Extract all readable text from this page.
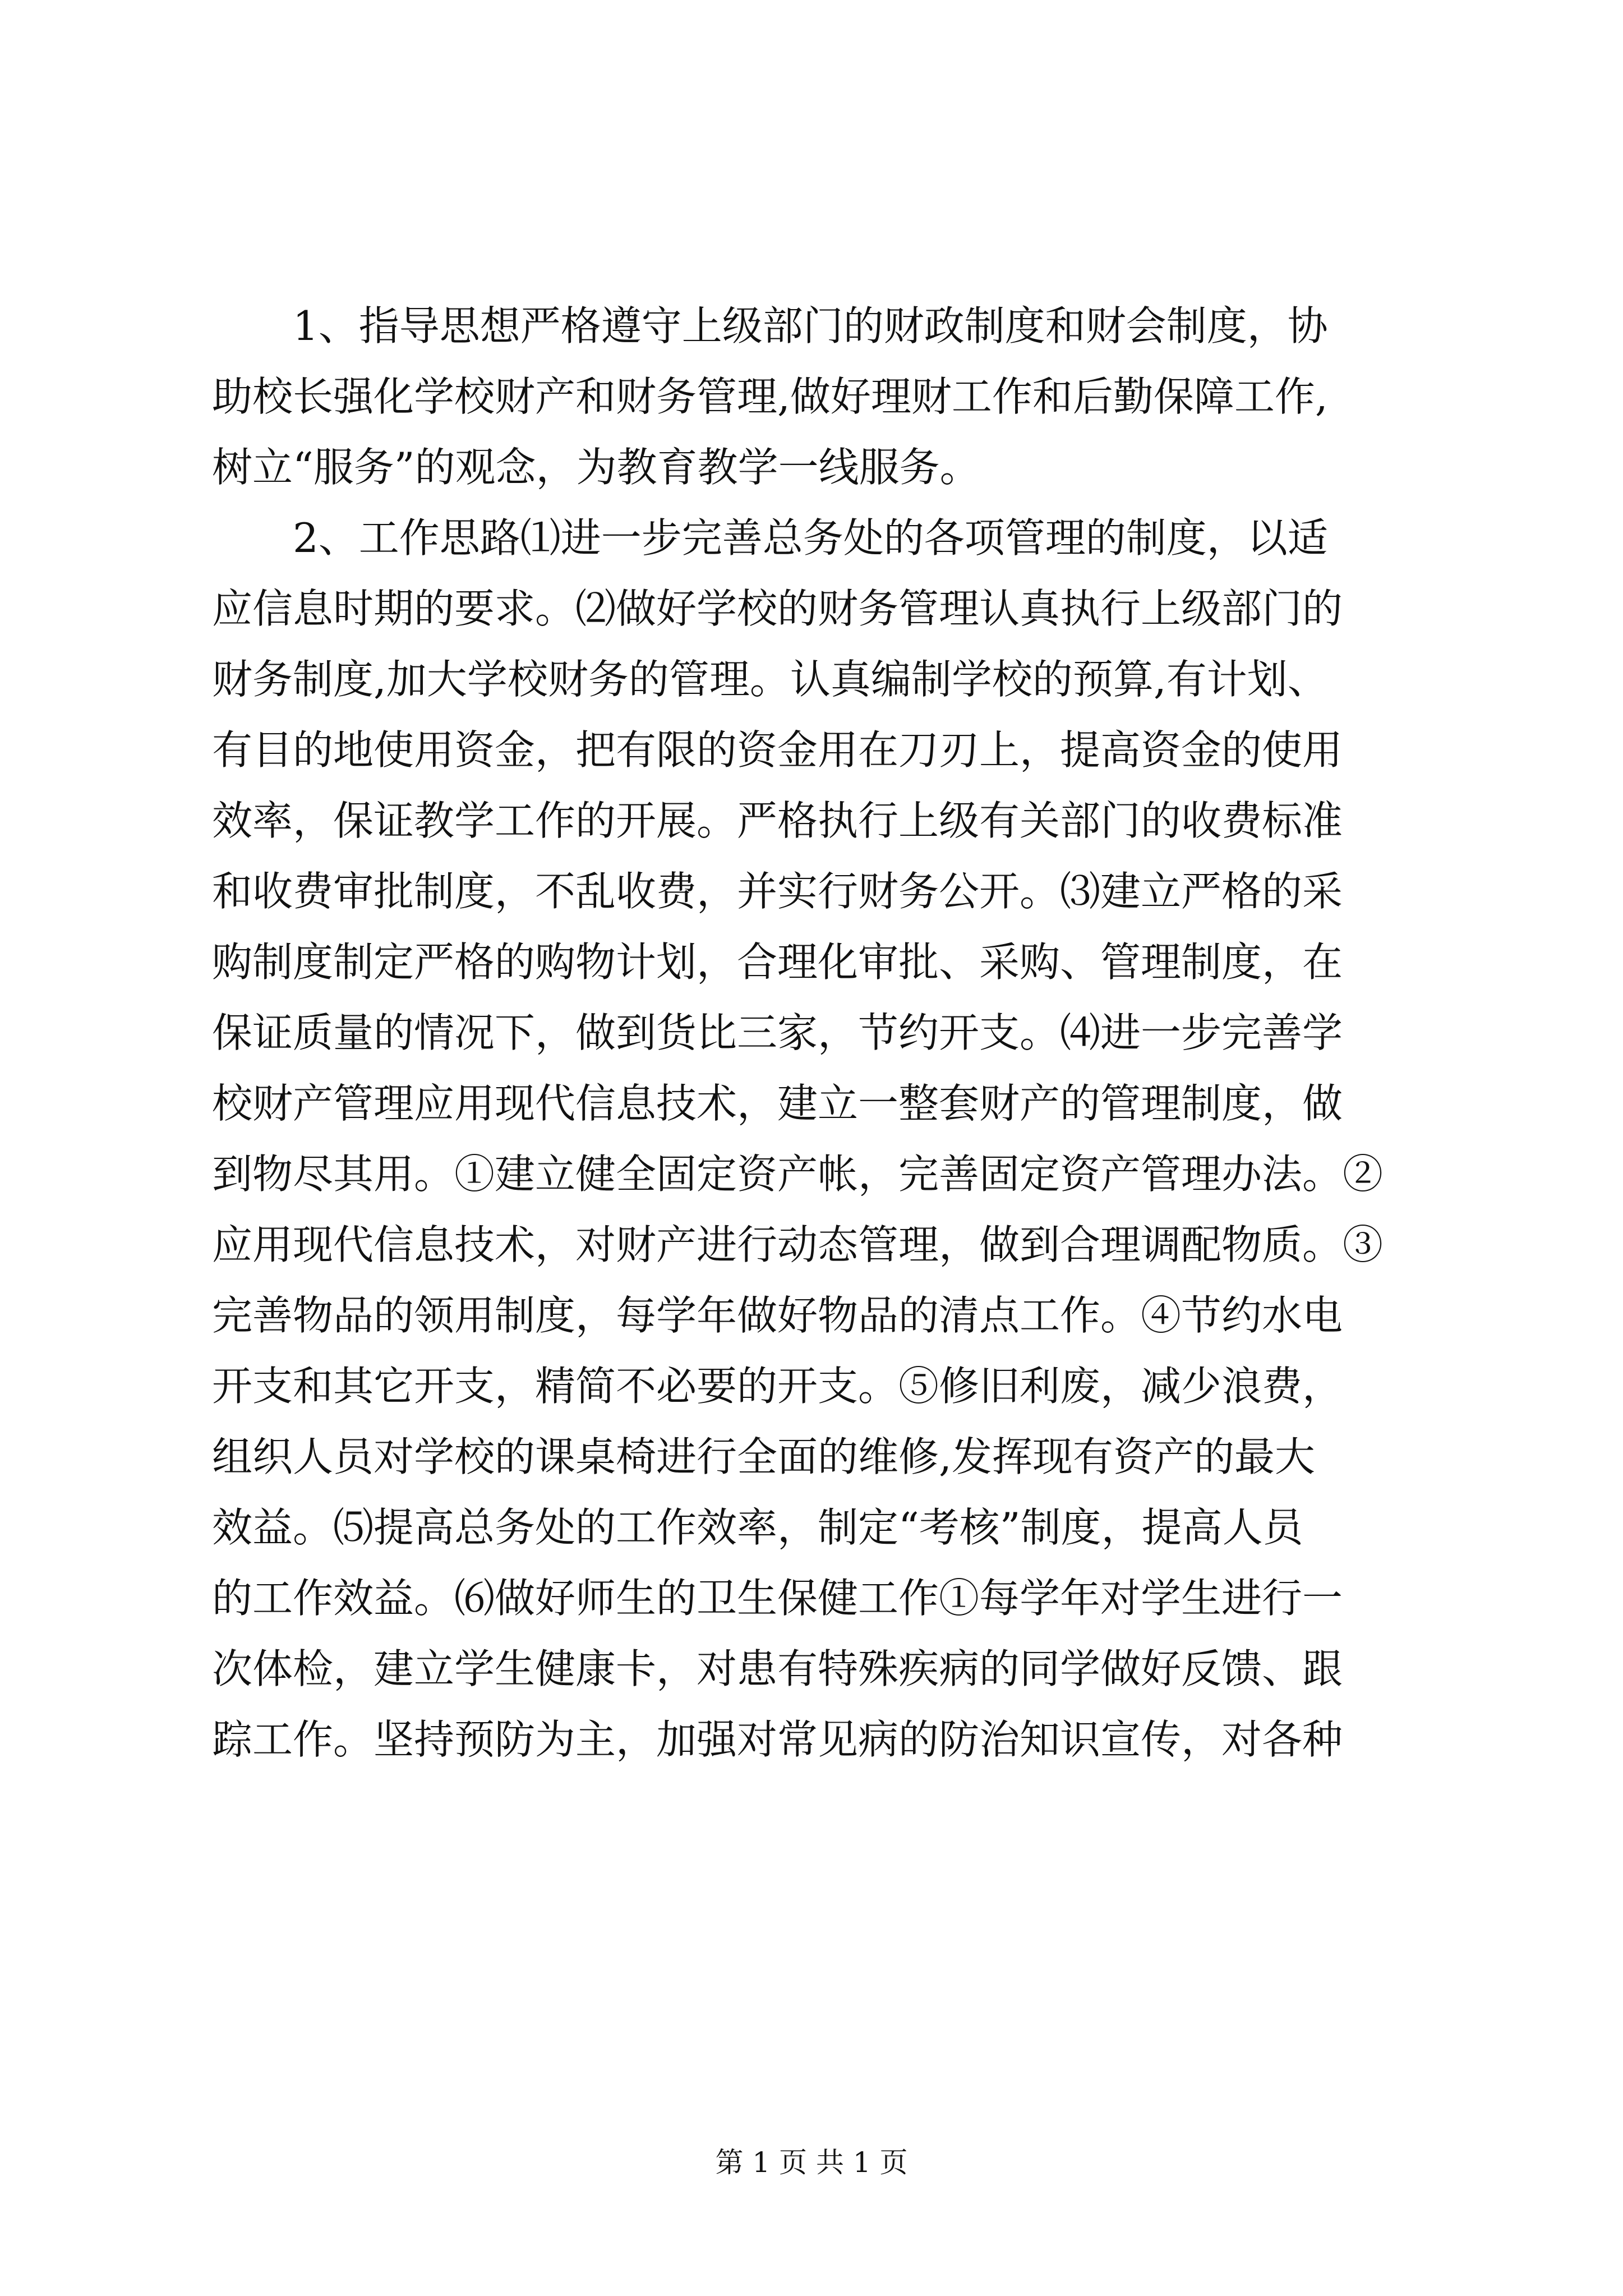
1、指导思想严格遵守上级部门的财政制度和财会制度，协
助校长强化学校财产和财务管理,做好理财工作和后勤保障工作,
树立“服务”的观念，为教育教学一线服务。
2、工作思路⑴进一步完善总务处的各项管理的制度，以适
应信息时期的要求。⑵做好学校的财务管理认真执行上级部门的
财务制度,加大学校财务的管理。认真编制学校的预算,有计划、
有目的地使用资金，把有限的资金用在刀刃上，提高资金的使用
效率，保证教学工作的开展。严格执行上级有关部门的收费标准
和收费审批制度，不乱收费，并实行财务公开。⑶建立严格的采
购制度制定严格的购物计划，合理化审批、采购、管理制度，在
保证质量的情况下，做到货比三家，节约开支。⑷进一步完善学
校财产管理应用现代信息技术，建立一整套财产的管理制度，做
到物尽其用。①建立健全固定资产帐，完善固定资产管理办法。②
应用现代信息技术，对财产进行动态管理，做到合理调配物质。③
完善物品的领用制度，每学年做好物品的清点工作。④节约水电
开支和其它开支，精简不必要的开支。⑤修旧利废，减少浪费，
组织人员对学校的课桌椅进行全面的维修,发挥现有资产的最大
效益。⑸提高总务处的工作效率，制定“考核”制度，提高人员
的工作效益。⑹做好师生的卫生保健工作①每学年对学生进行一
次体检，建立学生健康卡，对患有特殊疾病的同学做好反馈、跟
踪工作。坚持预防为主，加强对常见病的防治知识宣传，对各种
第 1 页 共 1 页
